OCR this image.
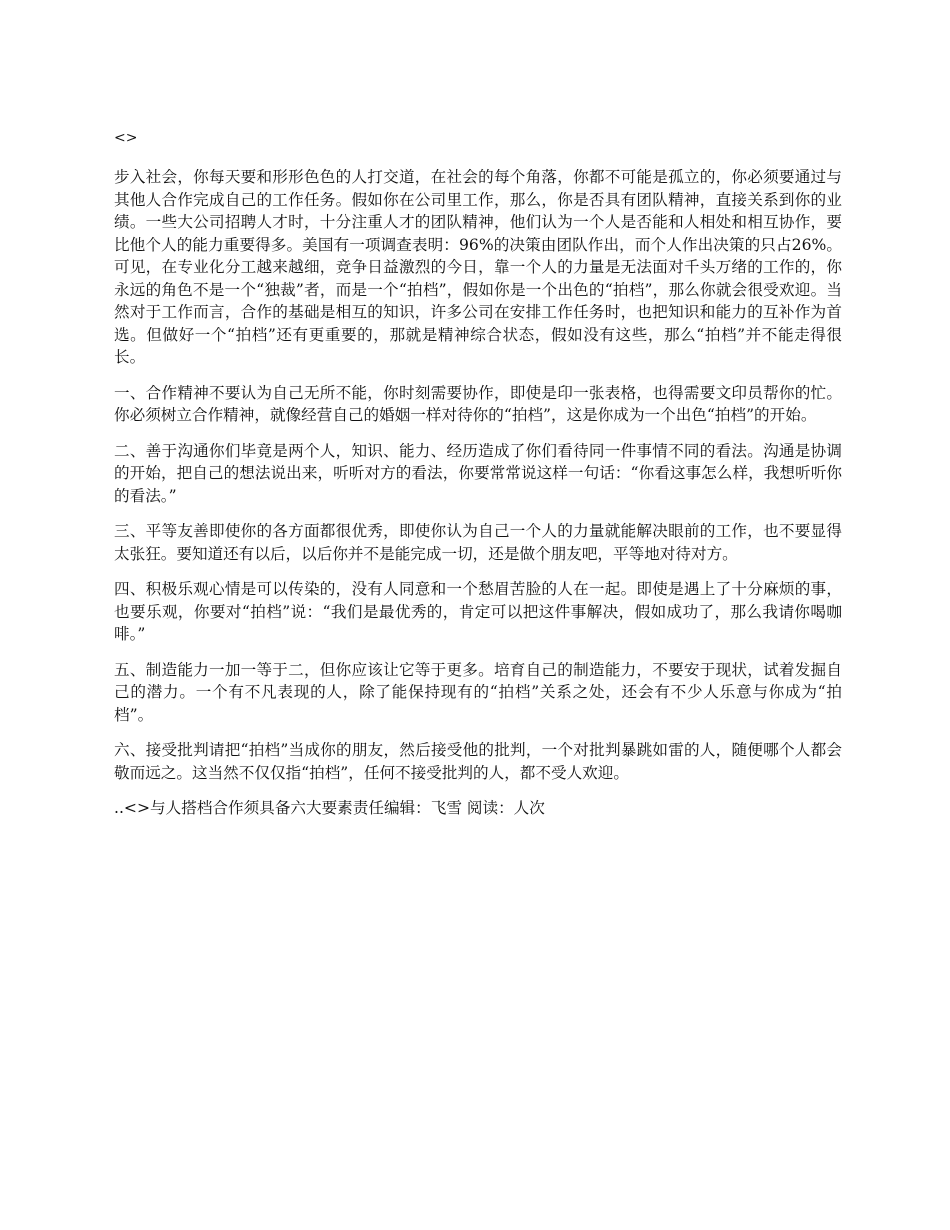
<>

步入社会，你每天要和形形色色的人打交道，在社会的每个角落，你都不可能是孤立的，你必须要通过与其他人合作完成自己的工作任务。假如你在公司里工作，那么，你是否具有团队精神，直接关系到你的业绩。一些大公司招聘人才时，十分注重人才的团队精神，他们认为一个人是否能和人相处和相互协作，要比他个人的能力重要得多。美国有一项调查表明：96%的决策由团队作出，而个人作出决策的只占26%。可见，在专业化分工越来越细，竞争日益激烈的今日，靠一个人的力量是无法面对千头万绪的工作的，你永远的角色不是一个“独裁”者，而是一个“拍档”，假如你是一个出色的“拍档”，那么你就会很受欢迎。当然对于工作而言，合作的基础是相互的知识，许多公司在安排工作任务时，也把知识和能力的互补作为首选。但做好一个“拍档”还有更重要的，那就是精神综合状态，假如没有这些，那么“拍档”并不能走得很长。

一、合作精神不要认为自己无所不能，你时刻需要协作，即使是印一张表格，也得需要文印员帮你的忙。你必须树立合作精神，就像经营自己的婚姻一样对待你的“拍档”，这是你成为一个出色“拍档”的开始。

二、善于沟通你们毕竟是两个人，知识、能力、经历造成了你们看待同一件事情不同的看法。沟通是协调的开始，把自己的想法说出来，听听对方的看法，你要常常说这样一句话：“你看这事怎么样，我想听听你的看法。”

三、平等友善即使你的各方面都很优秀，即使你认为自己一个人的力量就能解决眼前的工作，也不要显得太张狂。要知道还有以后，以后你并不是能完成一切，还是做个朋友吧，平等地对待对方。

四、积极乐观心情是可以传染的，没有人同意和一个愁眉苦脸的人在一起。即使是遇上了十分麻烦的事，也要乐观，你要对“拍档”说：“我们是最优秀的，肯定可以把这件事解决，假如成功了，那么我请你喝咖啡。”

五、制造能力一加一等于二，但你应该让它等于更多。培育自己的制造能力，不要安于现状，试着发掘自己的潜力。一个有不凡表现的人，除了能保持现有的“拍档”关系之处，还会有不少人乐意与你成为“拍档”。

六、接受批判请把“拍档”当成你的朋友，然后接受他的批判，一个对批判暴跳如雷的人，随便哪个人都会敬而远之。这当然不仅仅指“拍档”，任何不接受批判的人，都不受人欢迎。

..<>与人搭档合作须具备六大要素责任编辑：飞雪 阅读：人次
